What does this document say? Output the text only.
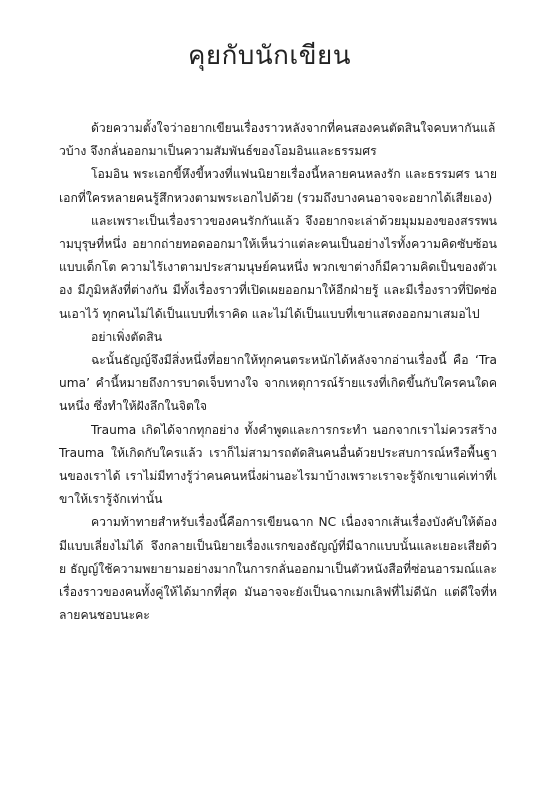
คุยกับนักเขียน

ด้วยความตั้งใจว่าอยากเขียนเรื่องราวหลังจากที่คนสองคนตัดสินใจคบหากันแล้วบ้าง จึงกลั่นออกมาเป็นความสัมพันธ์ของโอมอินและธรรมศร

โอมอิน พระเอกขี้หึงขี้หวงที่แฟนนิยายเรื่องนี้หลายคนหลงรัก และธรรมศร นายเอกที่ใครหลายคนรู้สึกหวงตามพระเอกไปด้วย (รวมถึงบางคนอาจจะอยากได้เสียเอง)

และเพราะเป็นเรื่องราวของคนรักกันแล้ว จึงอยากจะเล่าด้วยมุมมองของสรรพนามบุรุษที่หนึ่ง อยากถ่ายทอดออกมาให้เห็นว่าแต่ละคนเป็นอย่างไรทั้งความคิดซับซ้อนแบบเด็กโต ความไร้เงาตามประสามนุษย์คนหนึ่ง พวกเขาต่างก็มีความคิดเป็นของตัวเอง มีภูมิหลังที่ต่างกัน มีทั้งเรื่องราวที่เปิดเผยออกมาให้อีกฝ่ายรู้ และมีเรื่องราวที่ปิดซ่อนเอาไว้ ทุกคนไม่ได้เป็นแบบที่เราคิด และไม่ได้เป็นแบบที่เขาแสดงออกมาเสมอไป

อย่าเพิ่งตัดสิน

ฉะนั้นธัญญ์จึงมีสิ่งหนึ่งที่อยากให้ทุกคนตระหนักได้หลังจากอ่านเรื่องนี้ คือ ‘Trauma’ คำนี้หมายถึงการบาดเจ็บทางใจ จากเหตุการณ์ร้ายแรงที่เกิดขึ้นกับใครคนใดคนหนึ่ง ซึ่งทำให้ฝังลึกในจิตใจ

Trauma เกิดได้จากทุกอย่าง ทั้งคำพูดและการกระทำ นอกจากเราไม่ควรสร้าง Trauma ให้เกิดกับใครแล้ว เราก็ไม่สามารถตัดสินคนอื่นด้วยประสบการณ์หรือพื้นฐานของเราได้ เราไม่มีทางรู้ว่าคนคนหนึ่งผ่านอะไรมาบ้างเพราะเราจะรู้จักเขาแค่เท่าที่เขาให้เรารู้จักเท่านั้น

ความท้าทายสำหรับเรื่องนี้คือการเขียนฉาก NC เนื่องจากเส้นเรื่องบังคับให้ต้องมีแบบเลี่ยงไม่ได้ จึงกลายเป็นนิยายเรื่องแรกของธัญญ์ที่มีฉากแบบนั้นและเยอะเสียด้วย ธัญญ์ใช้ความพยายามอย่างมากในการกลั่นออกมาเป็นตัวหนังสือที่ซ่อนอารมณ์และเรื่องราวของคนทั้งคู่ให้ได้มากที่สุด มันอาจจะยังเป็นฉากเมกเลิฟที่ไม่ดีนัก แต่ดีใจที่หลายคนชอบนะคะ
